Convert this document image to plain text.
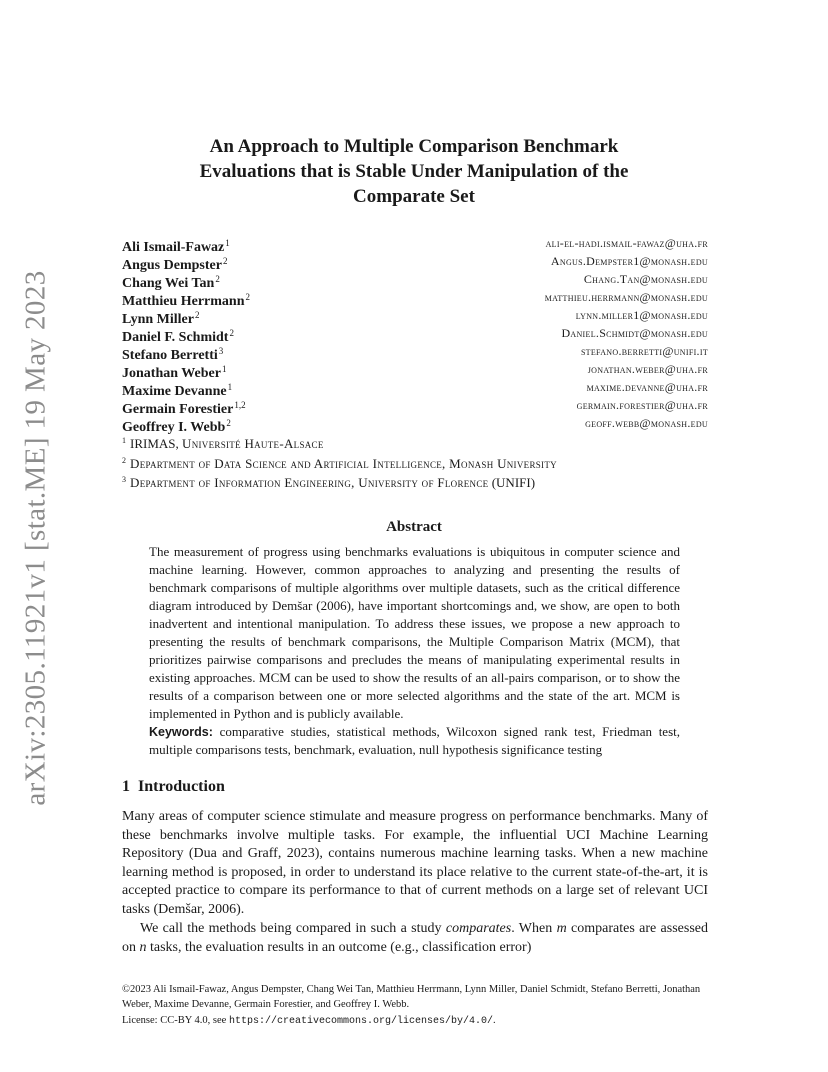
arXiv:2305.11921v1 [stat.ME] 19 May 2023
An Approach to Multiple Comparison Benchmark
Evaluations that is Stable Under Manipulation of the
Comparate Set
Ali Ismail-Fawaz$^1$	ali-el-hadi.ismail-fawaz@uha.fr
Angus Dempster$^2$	Angus.Dempster1@monash.edu
Chang Wei Tan$^2$	Chang.Tan@monash.edu
Matthieu Herrmann$^2$	matthieu.herrmann@monash.edu
Lynn Miller$^2$	lynn.miller1@monash.edu
Daniel F. Schmidt$^2$	Daniel.Schmidt@monash.edu
Stefano Berretti$^3$	stefano.berretti@unifi.it
Jonathan Weber$^1$	jonathan.weber@uha.fr
Maxime Devanne$^1$	maxime.devanne@uha.fr
Germain Forestier$^{1,2}$	germain.forestier@uha.fr
Geoffrey I. Webb$^2$	geoff.webb@monash.edu
$^1$ IRIMAS, Université Haute-Alsace
$^2$ Department of Data Science and Artificial Intelligence, Monash University
$^3$ Department of Information Engineering, University of Florence (UNIFI)
Abstract
The measurement of progress using benchmarks evaluations is ubiquitous in computer science and machine learning. However, common approaches to analyzing and presenting the results of benchmark comparisons of multiple algorithms over multiple datasets, such as the critical difference diagram introduced by Demšar (2006), have important shortcomings and, we show, are open to both inadvertent and intentional manipulation. To address these issues, we propose a new approach to presenting the results of benchmark comparisons, the Multiple Comparison Matrix (MCM), that prioritizes pairwise comparisons and precludes the means of manipulating experimental results in existing approaches. MCM can be used to show the results of an all-pairs comparison, or to show the results of a comparison between one or more selected algorithms and the state of the art. MCM is implemented in Python and is publicly available.
Keywords: comparative studies, statistical methods, Wilcoxon signed rank test, Friedman test, multiple comparisons tests, benchmark, evaluation, null hypothesis significance testing
1 Introduction

Many areas of computer science stimulate and measure progress on performance benchmarks. Many of these benchmarks involve multiple tasks. For example, the influential UCI Machine Learning Repository (Dua and Graff, 2023), contains numerous machine learning tasks. When a new machine learning method is proposed, in order to understand its place relative to the current state-of-the-art, it is accepted practice to compare its performance to that of current methods on a large set of relevant UCI tasks (Demšar, 2006).

We call the methods being compared in such a study comparates. When m comparates are assessed on n tasks, the evaluation results in an outcome (e.g., classification error)

©2023 Ali Ismail-Fawaz, Angus Dempster, Chang Wei Tan, Matthieu Herrmann, Lynn Miller, Daniel Schmidt, Stefano Berretti, Jonathan Weber, Maxime Devanne, Germain Forestier, and Geoffrey I. Webb.
License: CC-BY 4.0, see https://creativecommons.org/licenses/by/4.0/.
